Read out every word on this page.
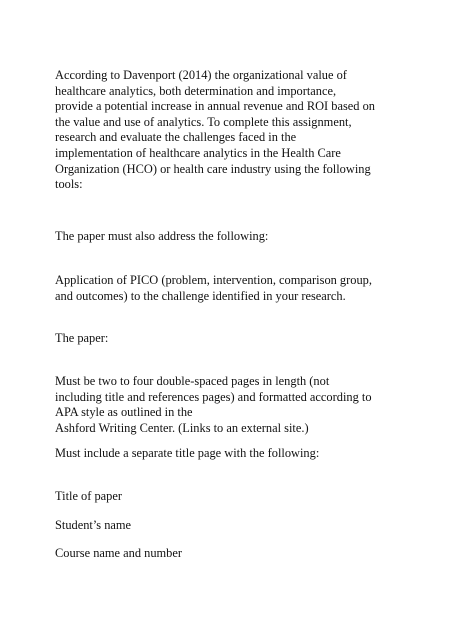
According to Davenport (2014) the organizational value of
healthcare analytics, both determination and importance,
provide a potential increase in annual revenue and ROI based on
the value and use of analytics. To complete this assignment,
research and evaluate the challenges faced in the
implementation of healthcare analytics in the Health Care
Organization (HCO) or health care industry using the following
tools:

The paper must also address the following:

Application of PICO (problem, intervention, comparison group,
and outcomes) to the challenge identified in your research.

The paper:

Must be two to four double-spaced pages in length (not
including title and references pages) and formatted according to
APA style as outlined in the
Ashford Writing Center. (Links to an external site.)

Must include a separate title page with the following:

Title of paper

Student’s name

Course name and number
